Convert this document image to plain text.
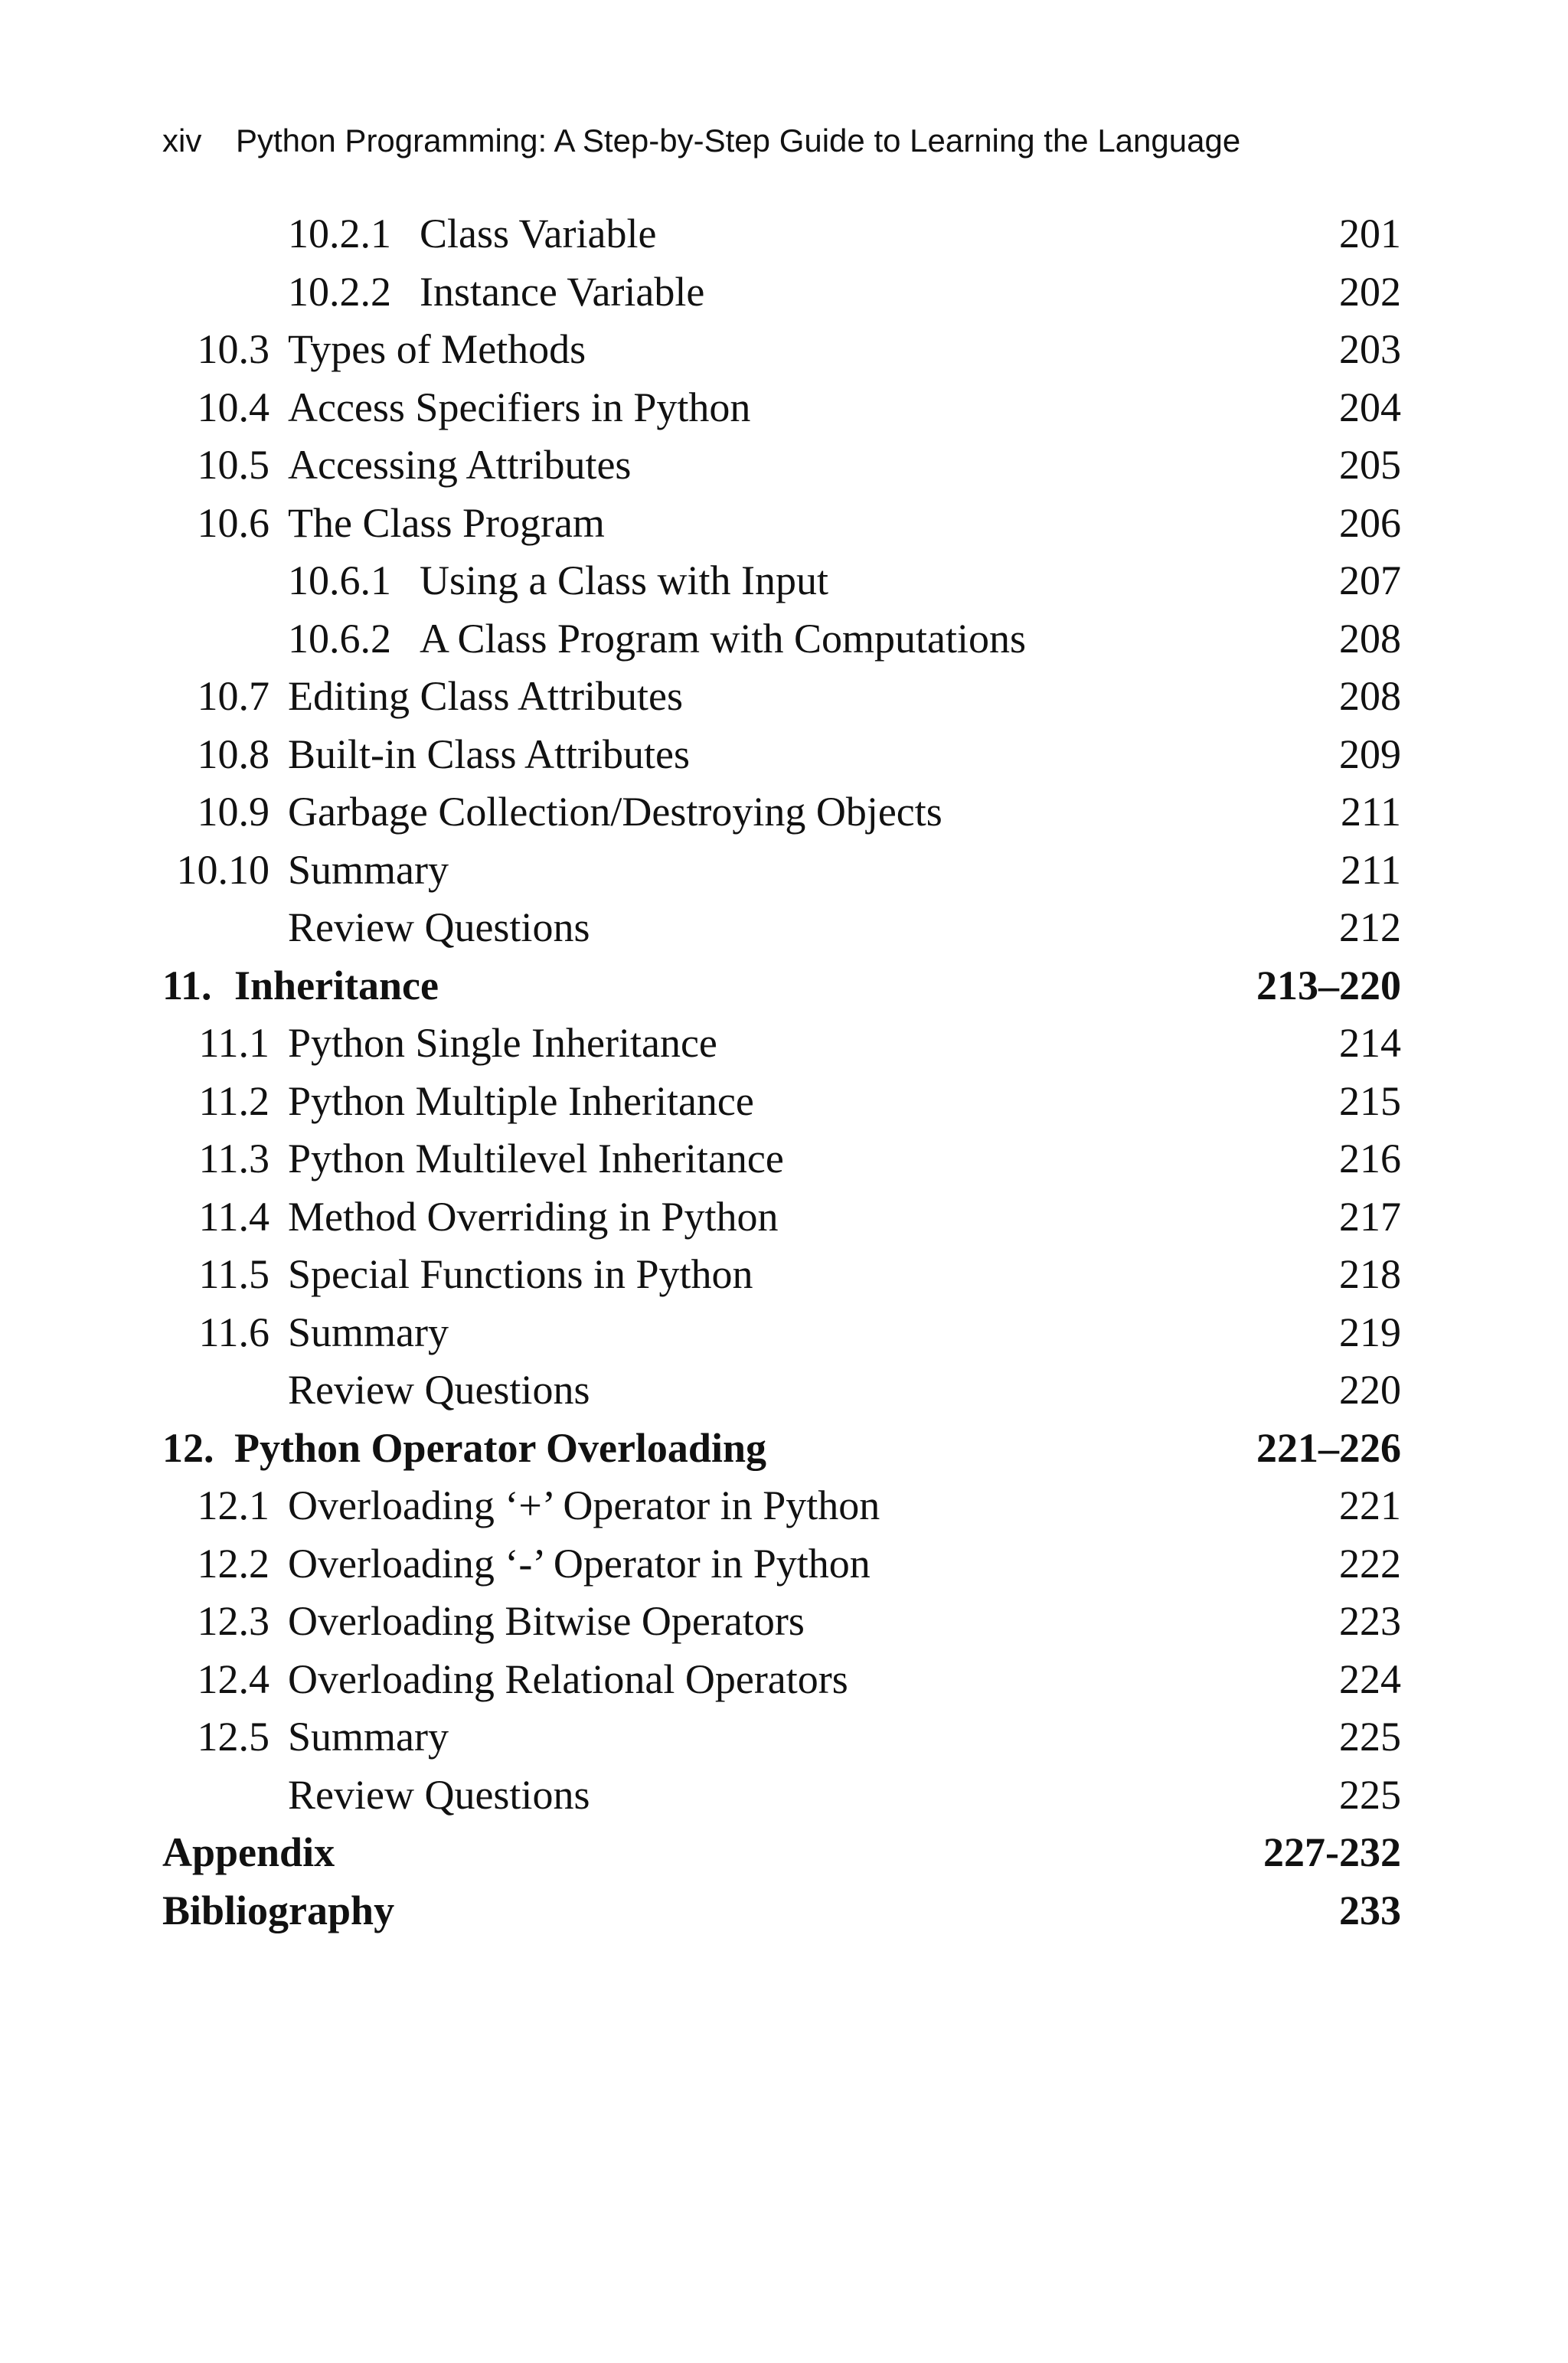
xiv Python Programming: A Step-by-Step Guide to Learning the Language
10.2.1 Class Variable	201
10.2.2 Instance Variable	202
10.3 Types of Methods	203
10.4 Access Specifiers in Python	204
10.5 Accessing Attributes	205
10.6 The Class Program	206
10.6.1 Using a Class with Input	207
10.6.2 A Class Program with Computations	208
10.7 Editing Class Attributes	208
10.8 Built-in Class Attributes	209
10.9 Garbage Collection/Destroying Objects	211
10.10 Summary	211
Review Questions	212
11. Inheritance	213–220
11.1 Python Single Inheritance	214
11.2 Python Multiple Inheritance	215
11.3 Python Multilevel Inheritance	216
11.4 Method Overriding in Python	217
11.5 Special Functions in Python	218
11.6 Summary	219
Review Questions	220
12. Python Operator Overloading	221–226
12.1 Overloading ‘+’ Operator in Python	221
12.2 Overloading ‘-’ Operator in Python	222
12.3 Overloading Bitwise Operators	223
12.4 Overloading Relational Operators	224
12.5 Summary	225
Review Questions	225
Appendix	227-232
Bibliography	233
